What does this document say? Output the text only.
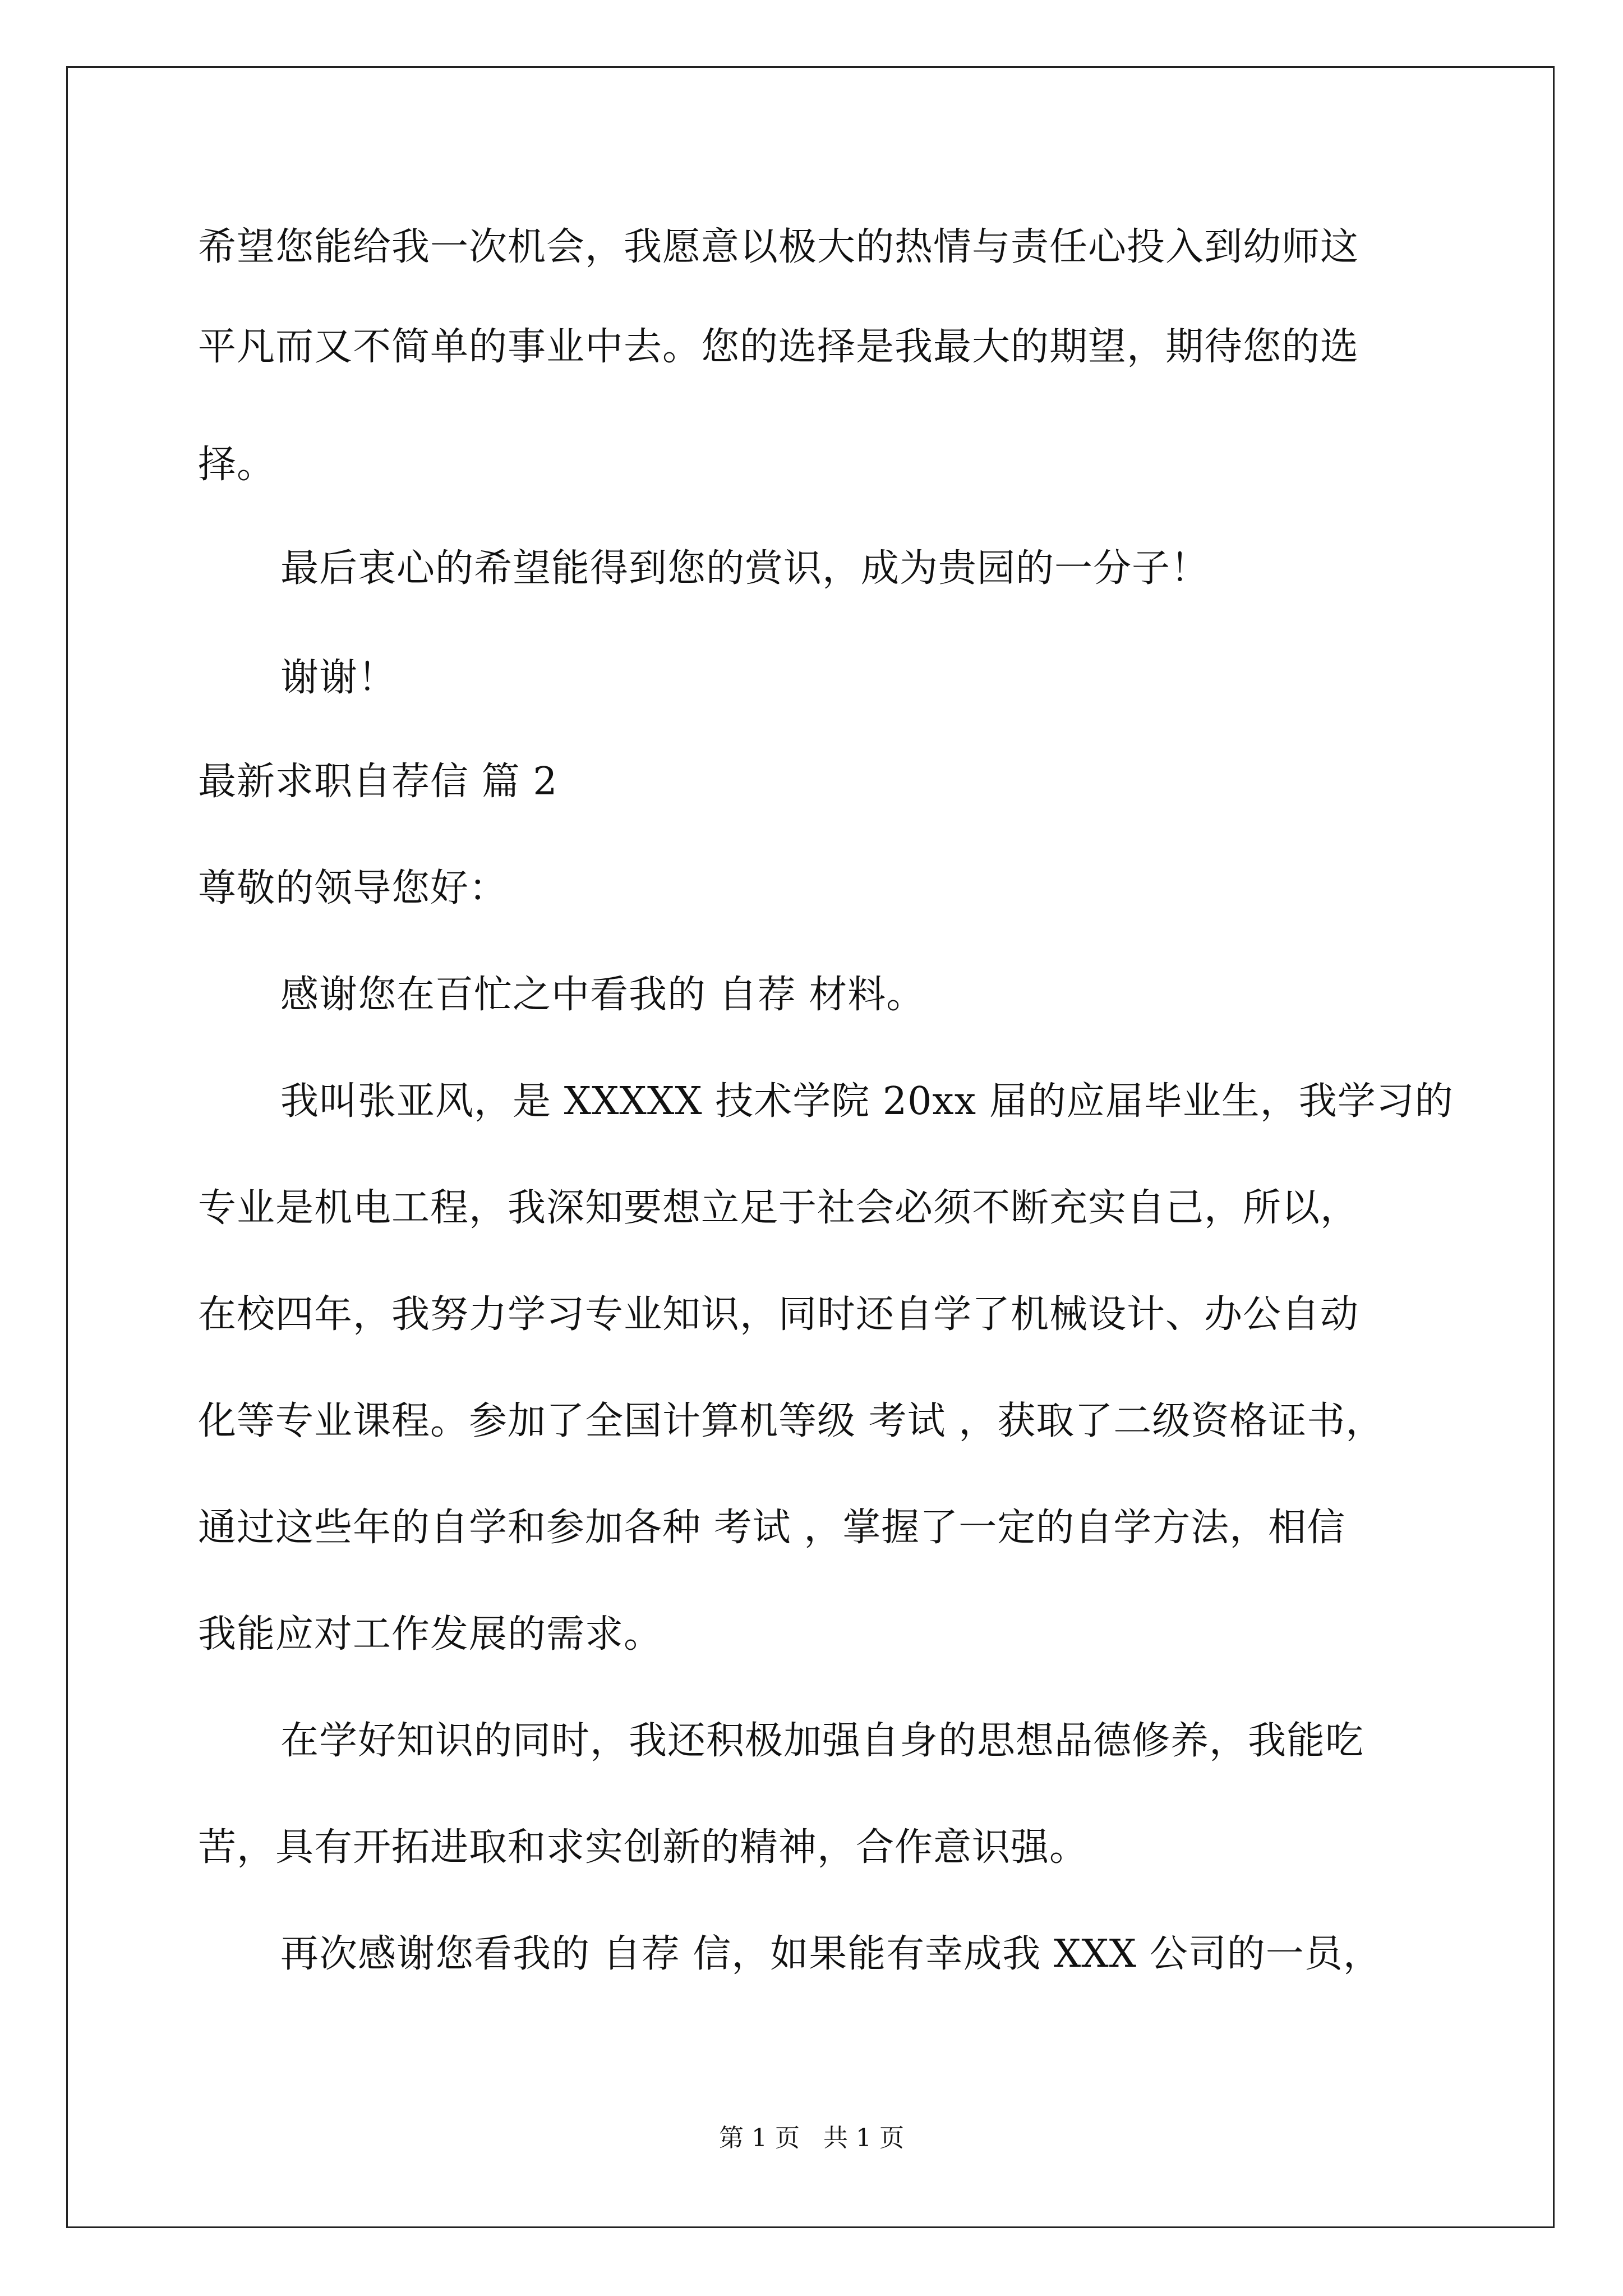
希望您能给我一次机会，我愿意以极大的热情与责任心投入到幼师这
平凡而又不简单的事业中去。您的选择是我最大的期望，期待您的选
择。
最后衷心的希望能得到您的赏识，成为贵园的一分子！
谢谢！
最新求职自荐信 篇 2
尊敬的领导您好：
感谢您在百忙之中看我的 自荐 材料。
我叫张亚风，是 XXXXX 技术学院 20xx 届的应届毕业生，我学习的
专业是机电工程，我深知要想立足于社会必须不断充实自己，所以，
在校四年，我努力学习专业知识，同时还自学了机械设计、办公自动
化等专业课程。参加了全国计算机等级 考试 ，获取了二级资格证书，
通过这些年的自学和参加各种 考试 ，掌握了一定的自学方法，相信
我能应对工作发展的需求。
在学好知识的同时，我还积极加强自身的思想品德修养，我能吃
苦，具有开拓进取和求实创新的精神，合作意识强。
再次感谢您看我的 自荐 信，如果能有幸成我 XXX 公司的一员，
第 1 页   共 1 页
